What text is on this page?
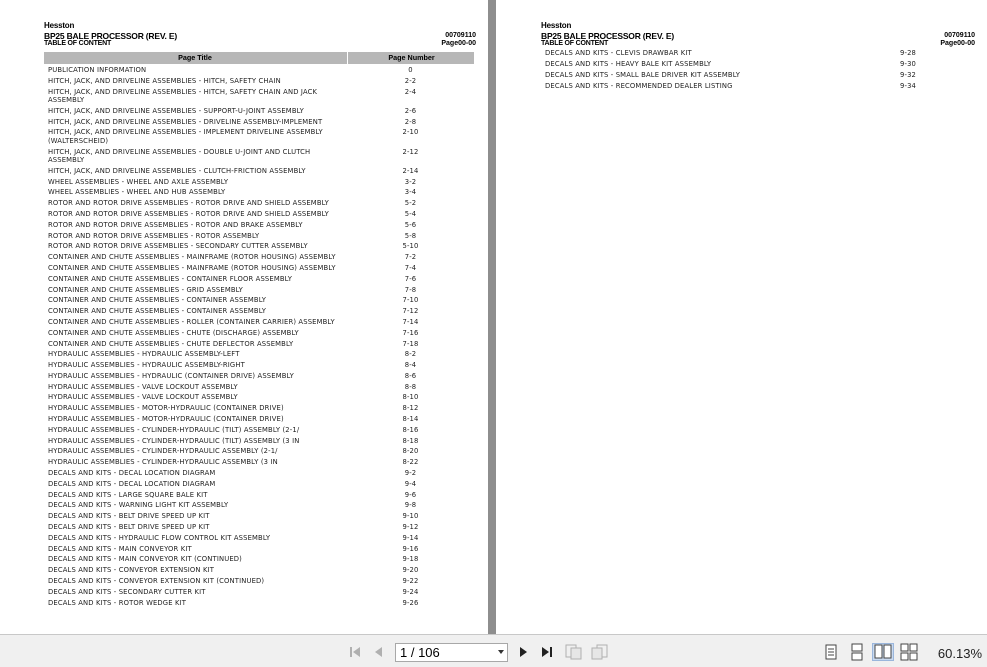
Hesston
BP25 BALE PROCESSOR (REV. E)
TABLE OF CONTENT
00709110
Page00-00
Page Title	Page Number
PUBLICATION INFORMATION	0
HITCH, JACK, AND DRIVELINE ASSEMBLIES - HITCH, SAFETY CHAIN	2-2
HITCH, JACK, AND DRIVELINE ASSEMBLIES - HITCH, SAFETY CHAIN AND JACK ASSEMBLY
2-4
HITCH, JACK, AND DRIVELINE ASSEMBLIES - SUPPORT-U-JOINT ASSEMBLY	2-6
HITCH, JACK, AND DRIVELINE ASSEMBLIES - DRIVELINE ASSEMBLY-IMPLEMENT	2-8
HITCH, JACK, AND DRIVELINE ASSEMBLIES - IMPLEMENT DRIVELINE ASSEMBLY (WALTERSCHEID)
2-10
HITCH, JACK, AND DRIVELINE ASSEMBLIES - DOUBLE U-JOINT AND CLUTCH ASSEMBLY
2-12
HITCH, JACK, AND DRIVELINE ASSEMBLIES - CLUTCH-FRICTION ASSEMBLY	2-14
WHEEL ASSEMBLIES - WHEEL AND AXLE ASSEMBLY	3-2
WHEEL ASSEMBLIES - WHEEL AND HUB ASSEMBLY	3-4
ROTOR AND ROTOR DRIVE ASSEMBLIES - ROTOR DRIVE AND SHIELD ASSEMBLY	5-2
ROTOR AND ROTOR DRIVE ASSEMBLIES - ROTOR DRIVE AND SHIELD ASSEMBLY	5-4
ROTOR AND ROTOR DRIVE ASSEMBLIES - ROTOR AND BRAKE ASSEMBLY	5-6
ROTOR AND ROTOR DRIVE ASSEMBLIES - ROTOR ASSEMBLY	5-8
ROTOR AND ROTOR DRIVE ASSEMBLIES - SECONDARY CUTTER ASSEMBLY	5-10
CONTAINER AND CHUTE ASSEMBLIES - MAINFRAME (ROTOR HOUSING) ASSEMBLY	7-2
CONTAINER AND CHUTE ASSEMBLIES - MAINFRAME (ROTOR HOUSING) ASSEMBLY	7-4
CONTAINER AND CHUTE ASSEMBLIES - CONTAINER FLOOR ASSEMBLY	7-6
CONTAINER AND CHUTE ASSEMBLIES - GRID ASSEMBLY	7-8
CONTAINER AND CHUTE ASSEMBLIES - CONTAINER ASSEMBLY	7-10
CONTAINER AND CHUTE ASSEMBLIES - CONTAINER ASSEMBLY	7-12
CONTAINER AND CHUTE ASSEMBLIES - ROLLER (CONTAINER CARRIER) ASSEMBLY	7-14
CONTAINER AND CHUTE ASSEMBLIES - CHUTE (DISCHARGE) ASSEMBLY	7-16
CONTAINER AND CHUTE ASSEMBLIES - CHUTE DEFLECTOR ASSEMBLY	7-18
HYDRAULIC ASSEMBLIES - HYDRAULIC ASSEMBLY-LEFT	8-2
HYDRAULIC ASSEMBLIES - HYDRAULIC ASSEMBLY-RIGHT	8-4
HYDRAULIC ASSEMBLIES - HYDRAULIC (CONTAINER DRIVE) ASSEMBLY	8-6
HYDRAULIC ASSEMBLIES - VALVE LOCKOUT ASSEMBLY	8-8
HYDRAULIC ASSEMBLIES - VALVE LOCKOUT ASSEMBLY	8-10
HYDRAULIC ASSEMBLIES - MOTOR-HYDRAULIC (CONTAINER DRIVE)	8-12
HYDRAULIC ASSEMBLIES - MOTOR-HYDRAULIC (CONTAINER DRIVE)	8-14
HYDRAULIC ASSEMBLIES - CYLINDER-HYDRAULIC (TILT) ASSEMBLY (2-1/	8-16
HYDRAULIC ASSEMBLIES - CYLINDER-HYDRAULIC (TILT) ASSEMBLY (3 IN	8-18
HYDRAULIC ASSEMBLIES - CYLINDER-HYDRAULIC ASSEMBLY (2-1/	8-20
HYDRAULIC ASSEMBLIES - CYLINDER-HYDRAULIC ASSEMBLY (3 IN	8-22
DECALS AND KITS - DECAL LOCATION DIAGRAM	9-2
DECALS AND KITS - DECAL LOCATION DIAGRAM	9-4
DECALS AND KITS - LARGE SQUARE BALE KIT	9-6
DECALS AND KITS - WARNING LIGHT KIT ASSEMBLY	9-8
DECALS AND KITS - BELT DRIVE SPEED UP KIT	9-10
DECALS AND KITS - BELT DRIVE SPEED UP KIT	9-12
DECALS AND KITS - HYDRAULIC FLOW CONTROL KIT ASSEMBLY	9-14
DECALS AND KITS - MAIN CONVEYOR KIT	9-16
DECALS AND KITS - MAIN CONVEYOR KIT (CONTINUED)	9-18
DECALS AND KITS - CONVEYOR EXTENSION KIT	9-20
DECALS AND KITS - CONVEYOR EXTENSION KIT (CONTINUED)	9-22
DECALS AND KITS - SECONDARY CUTTER KIT	9-24
DECALS AND KITS - ROTOR WEDGE KIT	9-26
Hesston
BP25 BALE PROCESSOR (REV. E)
TABLE OF CONTENT
00709110
Page00-00
DECALS AND KITS - CLEVIS DRAWBAR KIT	9-28
DECALS AND KITS - HEAVY BALE KIT ASSEMBLY	9-30
DECALS AND KITS - SMALL BALE DRIVER KIT ASSEMBLY	9-32
DECALS AND KITS - RECOMMENDED DEALER LISTING	9-34
1 / 106	60.13%
